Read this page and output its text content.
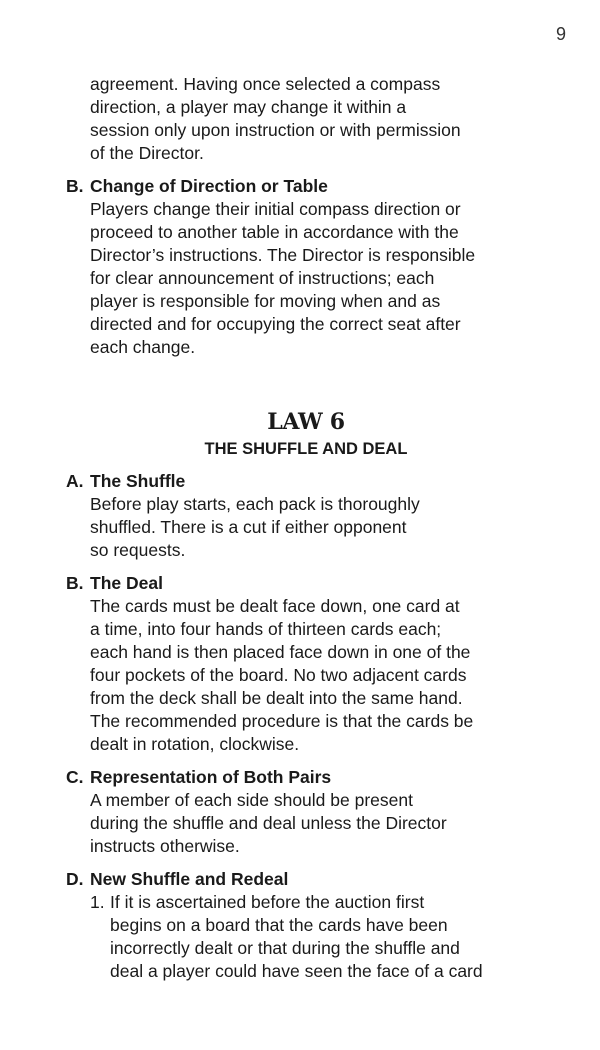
9
agreement. Having once selected a compass
direction, a player may change it within a
session only upon instruction or with permission
of the Director.
B. Change of Direction or Table
Players change their initial compass direction or
proceed to another table in accordance with the
Director’s instructions. The Director is responsible
for clear announcement of instructions; each
player is responsible for moving when and as
directed and for occupying the correct seat after
each change.
LAW 6
THE SHUFFLE AND DEAL
A. The Shuffle
Before play starts, each pack is thoroughly
shuffled. There is a cut if either opponent
so requests.
B. The Deal
The cards must be dealt face down, one card at
a time, into four hands of thirteen cards each;
each hand is then placed face down in one of the
four pockets of the board. No two adjacent cards
from the deck shall be dealt into the same hand.
The recommended procedure is that the cards be
dealt in rotation, clockwise.
C. Representation of Both Pairs
A member of each side should be present
during the shuffle and deal unless the Director
instructs otherwise.
D. New Shuffle and Redeal
1. If it is ascertained before the auction first
begins on a board that the cards have been
incorrectly dealt or that during the shuffle and
deal a player could have seen the face of a card
